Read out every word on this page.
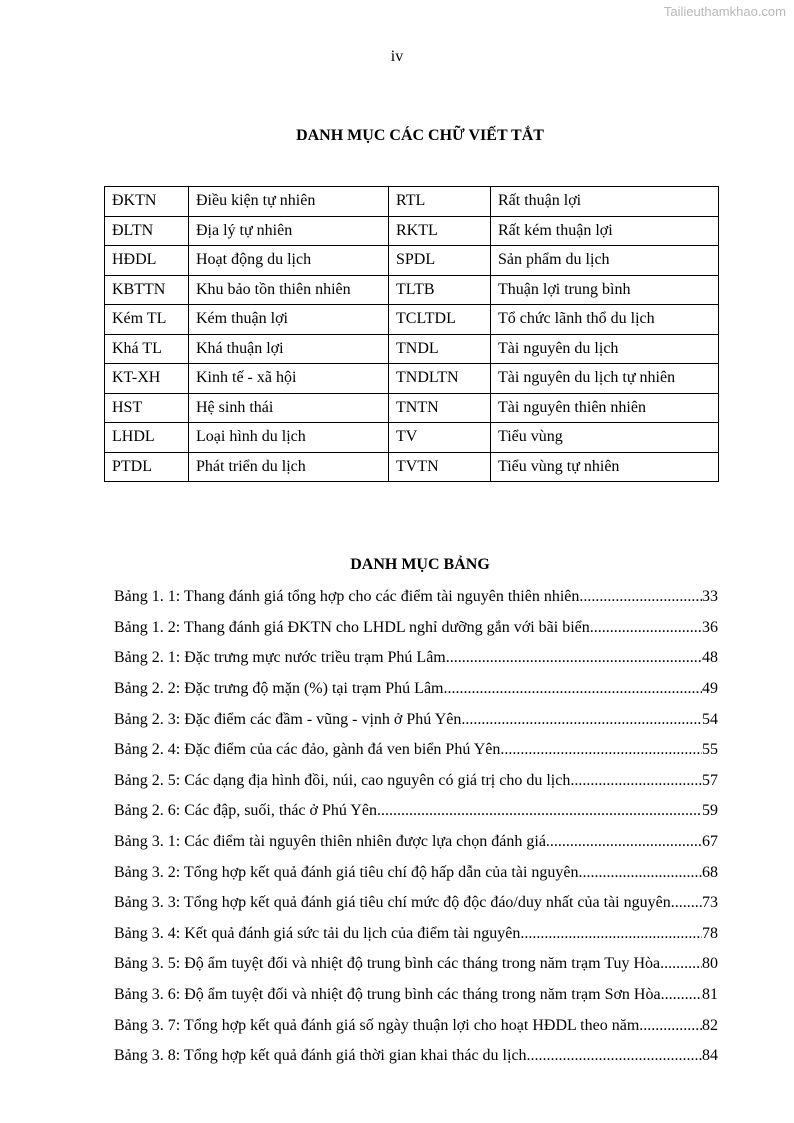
Tailieuthamkhao.com
iv
DANH MỤC CÁC CHỮ VIẾT TẮT
ĐKTN	Điều kiện tự nhiên	RTL	Rất thuận lợi
ĐLTN	Địa lý tự nhiên	RKTL	Rất kém thuận lợi
HĐDL	Hoạt động du lịch	SPDL	Sản phẩm du lịch
KBTTN	Khu bảo tồn thiên nhiên	TLTB	Thuận lợi trung bình
Kém TL	Kém thuận lợi	TCLTDL	Tổ chức lãnh thổ du lịch
Khá TL	Khá thuận lợi	TNDL	Tài nguyên du lịch
KT-XH	Kinh tế - xã hội	TNDLTN	Tài nguyên du lịch tự nhiên
HST	Hệ sinh thái	TNTN	Tài nguyên thiên nhiên
LHDL	Loại hình du lịch	TV	Tiểu vùng
PTDL	Phát triển du lịch	TVTN	Tiểu vùng tự nhiên
DANH MỤC BẢNG
Bảng 1. 1: Thang đánh giá tổng hợp cho các điểm tài nguyên thiên nhiên .....	33
Bảng 1. 2: Thang đánh giá ĐKTN cho LHDL nghỉ dưỡng gắn với bãi biển .....	36
Bảng 2. 1: Đặc trưng mực nước triều trạm Phú Lâm .....	48
Bảng 2. 2: Đặc trưng độ mặn (%) tại trạm Phú Lâm .....	49
Bảng 2. 3: Đặc điểm các đầm - vũng - vịnh ở Phú Yên .....	54
Bảng 2. 4: Đặc điểm của các đảo, gành đá ven biển Phú Yên .....	55
Bảng 2. 5: Các dạng địa hình đồi, núi, cao nguyên có giá trị cho du lịch .....	57
Bảng 2. 6: Các đập, suối, thác ở Phú Yên .....	59
Bảng 3. 1: Các điểm tài nguyên thiên nhiên được lựa chọn đánh giá .....	67
Bảng 3. 2: Tổng hợp kết quả đánh giá tiêu chí độ hấp dẫn của tài nguyên .....	68
Bảng 3. 3: Tổng hợp kết quả đánh giá tiêu chí mức độ độc đáo/duy nhất của tài nguyên. ..... 73
Bảng 3. 4: Kết quả đánh giá sức tải du lịch của điểm tài nguyên .....	78
Bảng 3. 5: Độ ẩm tuyệt đối và nhiệt độ trung bình các tháng trong năm trạm Tuy Hòa .....	80
Bảng 3. 6: Độ ẩm tuyệt đối và nhiệt độ trung bình các tháng trong năm trạm Sơn Hòa .....	81
Bảng 3. 7: Tổng hợp kết quả đánh giá số ngày thuận lợi cho hoạt HĐDL theo năm .....	82
Bảng 3. 8: Tổng hợp kết quả đánh giá thời gian khai thác du lịch .....	84
